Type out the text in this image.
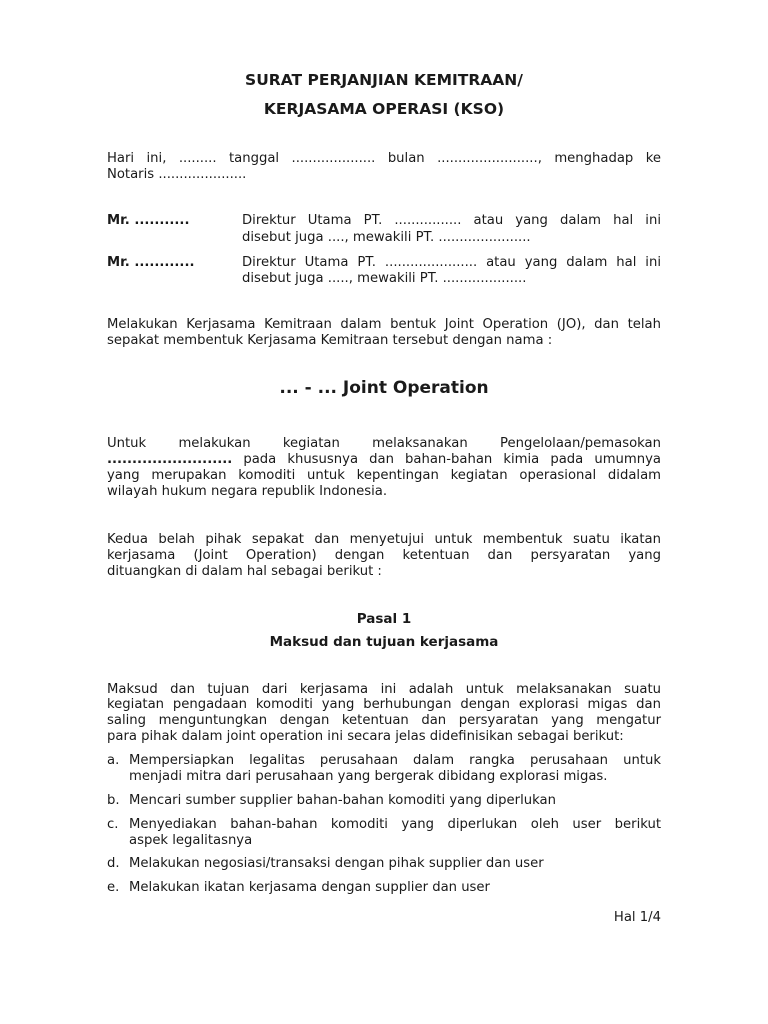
SURAT PERJANJIAN KEMITRAAN/
KERJASAMA OPERASI (KSO)
Hari ini, ......... tanggal .................... bulan ........................, menghadap ke
Notaris .....................
Mr. ...........	Direktur Utama PT. ................ atau yang dalam hal ini
disebut juga ...., mewakili PT. ......................
Mr. ............	Direktur Utama PT. ...................... atau yang dalam hal ini
disebut juga ....., mewakili PT. ....................
Melakukan Kerjasama Kemitraan dalam bentuk Joint Operation (JO), dan telah
sepakat membentuk Kerjasama Kemitraan tersebut dengan nama :
... - ... Joint Operation
Untuk melakukan kegiatan melaksanakan Pengelolaan/pemasokan
......................... pada khususnya dan bahan-bahan kimia pada umumnya
yang merupakan komoditi untuk kepentingan kegiatan operasional didalam
wilayah hukum negara republik Indonesia.
Kedua belah pihak sepakat dan menyetujui untuk membentuk suatu ikatan
kerjasama (Joint Operation) dengan ketentuan dan persyaratan yang
dituangkan di dalam hal sebagai berikut :
Pasal 1
Maksud dan tujuan kerjasama
Maksud dan tujuan dari kerjasama ini adalah untuk melaksanakan suatu
kegiatan pengadaan komoditi yang berhubungan dengan explorasi migas dan
saling menguntungkan dengan ketentuan dan persyaratan yang mengatur
para pihak dalam joint operation ini secara jelas didefinisikan sebagai berikut:
a. Mempersiapkan legalitas perusahaan dalam rangka perusahaan untuk
menjadi mitra dari perusahaan yang bergerak dibidang explorasi migas.
b. Mencari sumber supplier bahan-bahan komoditi yang diperlukan
c. Menyediakan bahan-bahan komoditi yang diperlukan oleh user berikut
aspek legalitasnya
d. Melakukan negosiasi/transaksi dengan pihak supplier dan user
e. Melakukan ikatan kerjasama dengan supplier dan user
Hal 1/4
